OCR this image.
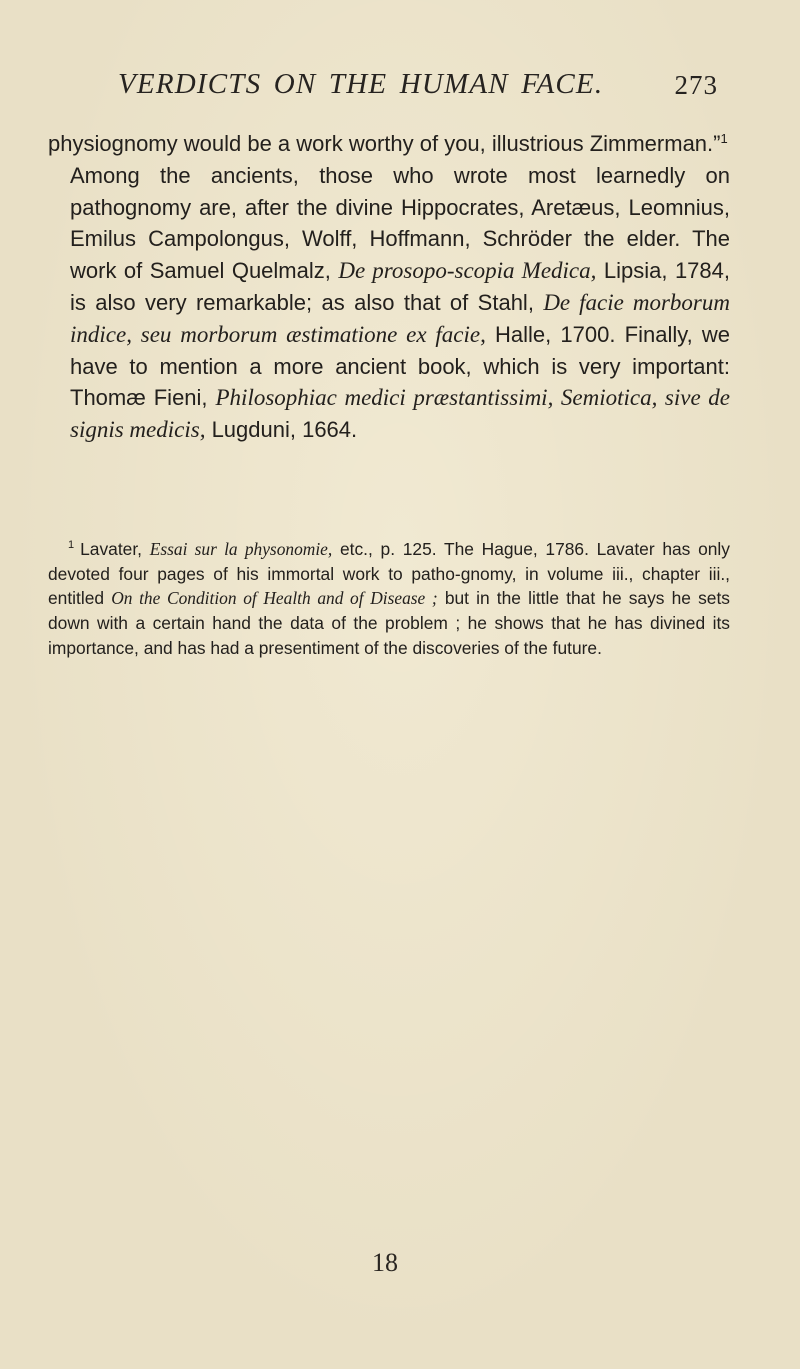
VERDICTS ON THE HUMAN FACE.	273

physiognomy would be a work worthy of you, illustrious Zimmerman.”$^1$

Among the ancients, those who wrote most learnedly on pathognomy are, after the divine Hippocrates, Aretæus, Leomnius, Emilus Campolongus, Wolff, Hoffmann, Schröder the elder. The work of Samuel Quelmalz, De prosopo-scopia Medica, Lipsia, 1784, is also very remarkable; as also that of Stahl, De facie morborum indice, seu morborum æstimatione ex facie, Halle, 1700. Finally, we have to mention a more ancient book, which is very important: Thomæ Fieni, Philosophiac medici præstantissimi, Semiotica, sive de signis medicis, Lugduni, 1664.

$^1$ Lavater, Essai sur la physonomie, etc., p. 125. The Hague, 1786. Lavater has only devoted four pages of his immortal work to patho-gnomy, in volume iii., chapter iii., entitled On the Condition of Health and of Disease ; but in the little that he says he sets down with a certain hand the data of the problem ; he shows that he has divined its importance, and has had a presentiment of the discoveries of the future.

18
